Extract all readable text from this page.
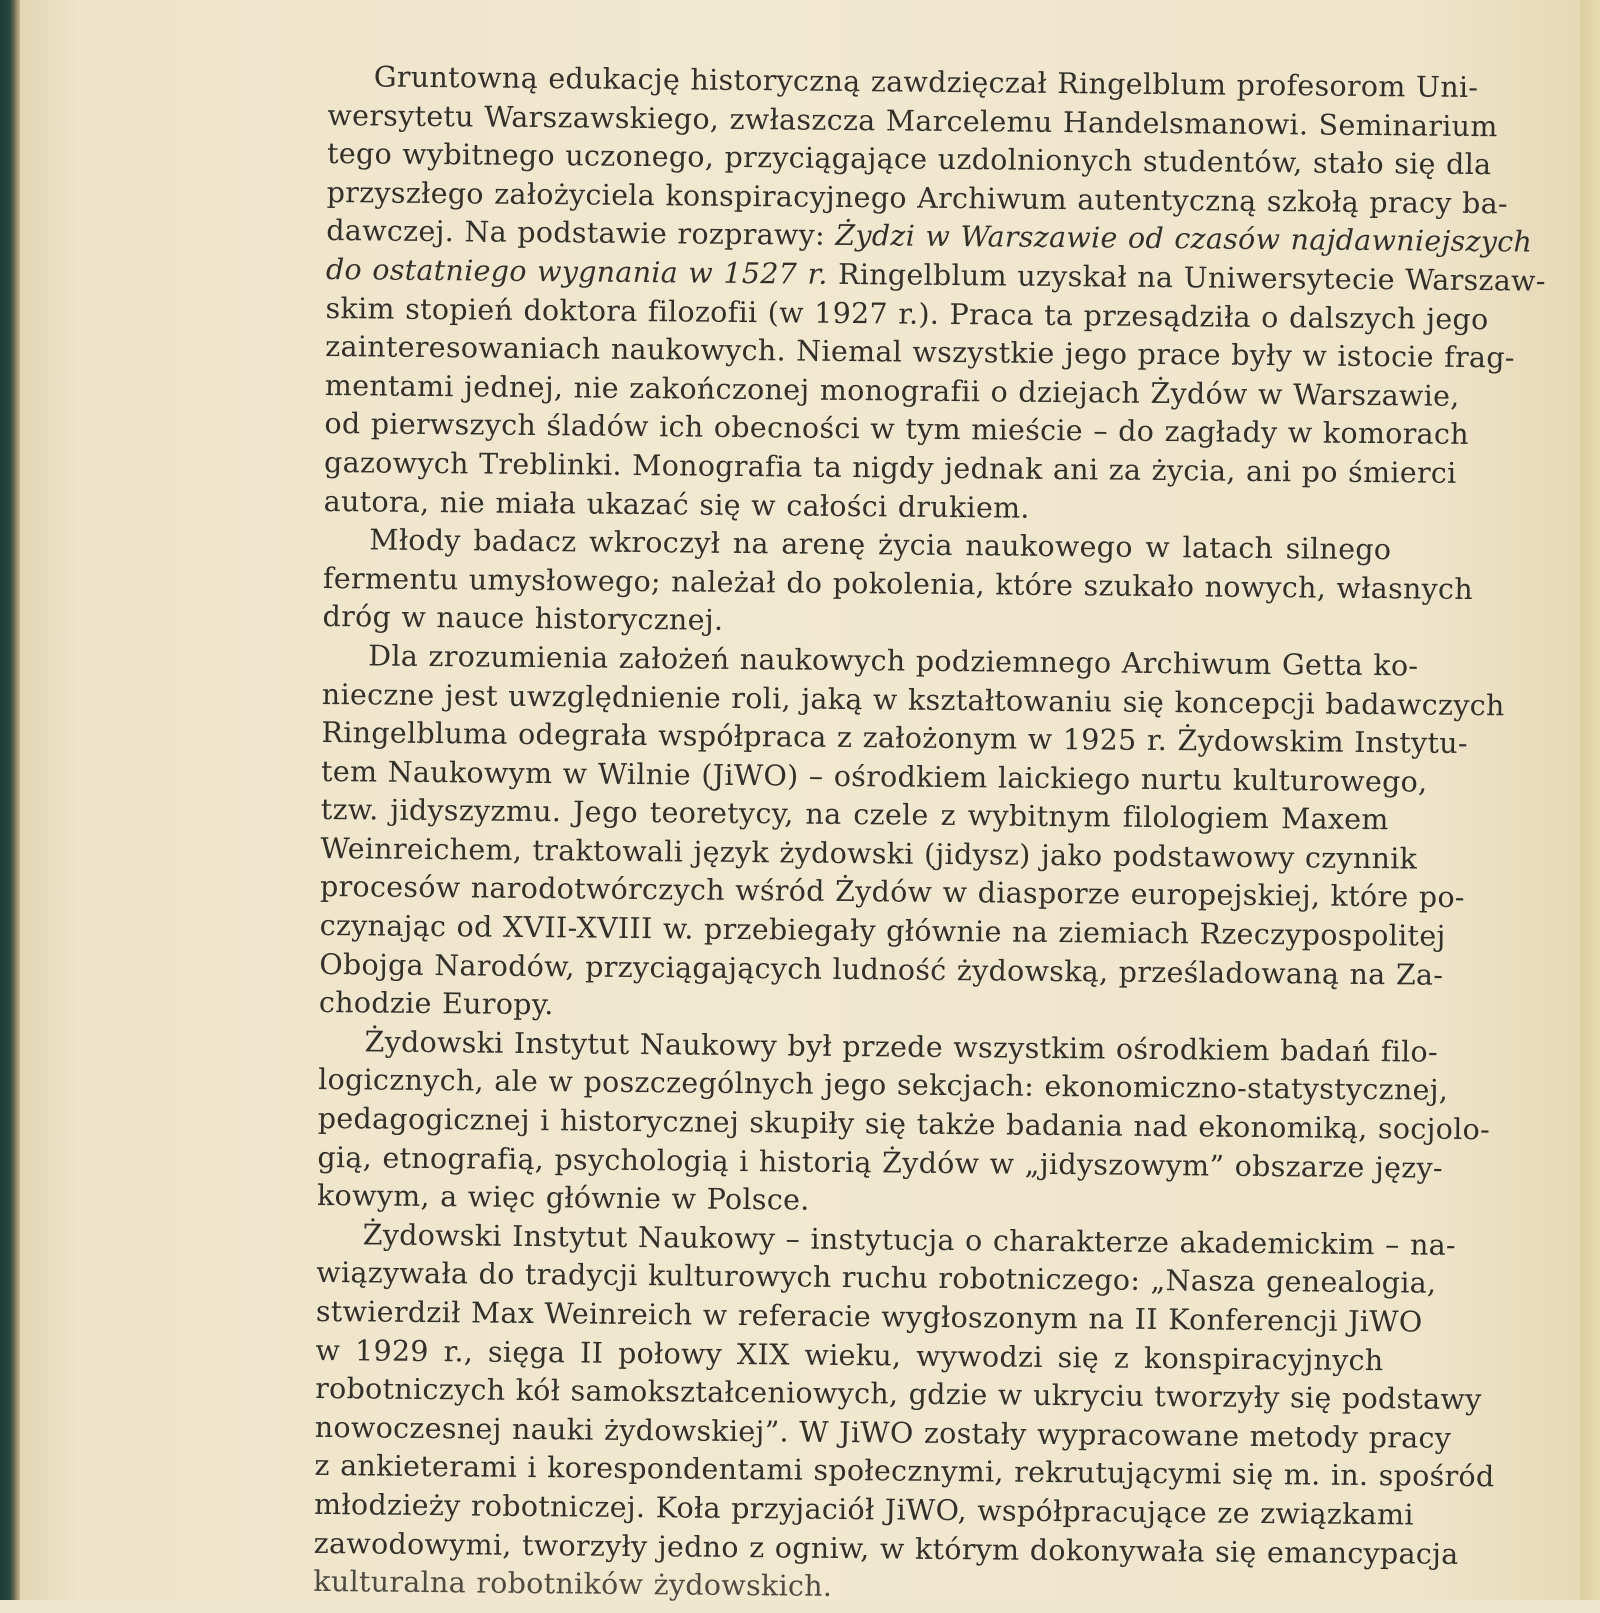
Gruntowną edukację historyczną zawdzięczał Ringelblum profesorom Uni-
wersytetu Warszawskiego, zwłaszcza Marcelemu Handelsmanowi. Seminarium
tego wybitnego uczonego, przyciągające uzdolnionych studentów, stało się dla
przyszłego założyciela konspiracyjnego Archiwum autentyczną szkołą pracy ba-
dawczej. Na podstawie rozprawy: Żydzi w Warszawie od czasów najdawniejszych
do ostatniego wygnania w 1527 r. Ringelblum uzyskał na Uniwersytecie Warszaw-
skim stopień doktora filozofii (w 1927 r.). Praca ta przesądziła o dalszych jego
zainteresowaniach naukowych. Niemal wszystkie jego prace były w istocie frag-
mentami jednej, nie zakończonej monografii o dziejach Żydów w Warszawie,
od pierwszych śladów ich obecności w tym mieście – do zagłady w komorach
gazowych Treblinki. Monografia ta nigdy jednak ani za życia, ani po śmierci
autora, nie miała ukazać się w całości drukiem.
Młody badacz wkroczył na arenę życia naukowego w latach silnego
fermentu umysłowego; należał do pokolenia, które szukało nowych, własnych
dróg w nauce historycznej.
Dla zrozumienia założeń naukowych podziemnego Archiwum Getta ko-
nieczne jest uwzględnienie roli, jaką w kształtowaniu się koncepcji badawczych
Ringelbluma odegrała współpraca z założonym w 1925 r. Żydowskim Instytu-
tem Naukowym w Wilnie (JiWO) – ośrodkiem laickiego nurtu kulturowego,
tzw. jidyszyzmu. Jego teoretycy, na czele z wybitnym filologiem Maxem
Weinreichem, traktowali język żydowski (jidysz) jako podstawowy czynnik
procesów narodotwórczych wśród Żydów w diasporze europejskiej, które po-
czynając od XVII-XVIII w. przebiegały głównie na ziemiach Rzeczypospolitej
Obojga Narodów, przyciągających ludność żydowską, prześladowaną na Za-
chodzie Europy.
Żydowski Instytut Naukowy był przede wszystkim ośrodkiem badań filo-
logicznych, ale w poszczególnych jego sekcjach: ekonomiczno-statystycznej,
pedagogicznej i historycznej skupiły się także badania nad ekonomiką, socjolo-
gią, etnografią, psychologią i historią Żydów w „jidyszowym” obszarze języ-
kowym, a więc głównie w Polsce.
Żydowski Instytut Naukowy – instytucja o charakterze akademickim – na-
wiązywała do tradycji kulturowych ruchu robotniczego: „Nasza genealogia,
stwierdził Max Weinreich w referacie wygłoszonym na II Konferencji JiWO
w 1929 r., sięga II połowy XIX wieku, wywodzi się z konspiracyjnych
robotniczych kół samokształceniowych, gdzie w ukryciu tworzyły się podstawy
nowoczesnej nauki żydowskiej”. W JiWO zostały wypracowane metody pracy
z ankieterami i korespondentami społecznymi, rekrutującymi się m. in. spośród
młodzieży robotniczej. Koła przyjaciół JiWO, współpracujące ze związkami
zawodowymi, tworzyły jedno z ogniw, w którym dokonywała się emancypacja
kulturalna robotników żydowskich.
